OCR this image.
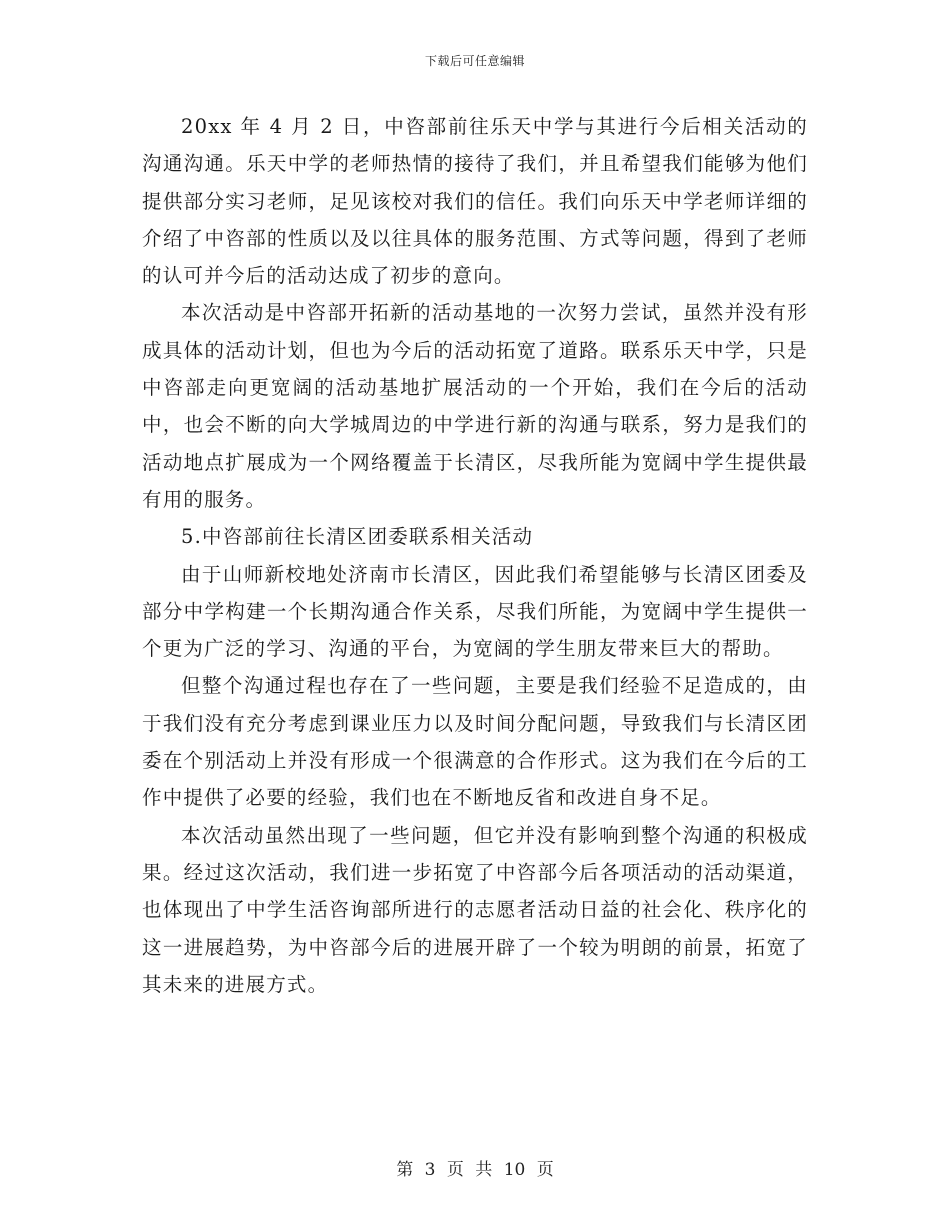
下载后可任意编辑

20xx 年 4 月 2 日，中咨部前往乐天中学与其进行今后相关活动的沟通沟通。乐天中学的老师热情的接待了我们，并且希望我们能够为他们提供部分实习老师，足见该校对我们的信任。我们向乐天中学老师详细的介绍了中咨部的性质以及以往具体的服务范围、方式等问题，得到了老师的认可并今后的活动达成了初步的意向。

本次活动是中咨部开拓新的活动基地的一次努力尝试，虽然并没有形成具体的活动计划，但也为今后的活动拓宽了道路。联系乐天中学，只是中咨部走向更宽阔的活动基地扩展活动的一个开始，我们在今后的活动中，也会不断的向大学城周边的中学进行新的沟通与联系，努力是我们的活动地点扩展成为一个网络覆盖于长清区，尽我所能为宽阔中学生提供最有用的服务。

5.中咨部前往长清区团委联系相关活动

由于山师新校地处济南市长清区，因此我们希望能够与长清区团委及部分中学构建一个长期沟通合作关系，尽我们所能，为宽阔中学生提供一个更为广泛的学习、沟通的平台，为宽阔的学生朋友带来巨大的帮助。

但整个沟通过程也存在了一些问题，主要是我们经验不足造成的，由于我们没有充分考虑到课业压力以及时间分配问题，导致我们与长清区团委在个别活动上并没有形成一个很满意的合作形式。这为我们在今后的工作中提供了必要的经验，我们也在不断地反省和改进自身不足。

本次活动虽然出现了一些问题，但它并没有影响到整个沟通的积极成果。经过这次活动，我们进一步拓宽了中咨部今后各项活动的活动渠道，也体现出了中学生活咨询部所进行的志愿者活动日益的社会化、秩序化的这一进展趋势，为中咨部今后的进展开辟了一个较为明朗的前景，拓宽了其未来的进展方式。

第 3 页 共 10 页
